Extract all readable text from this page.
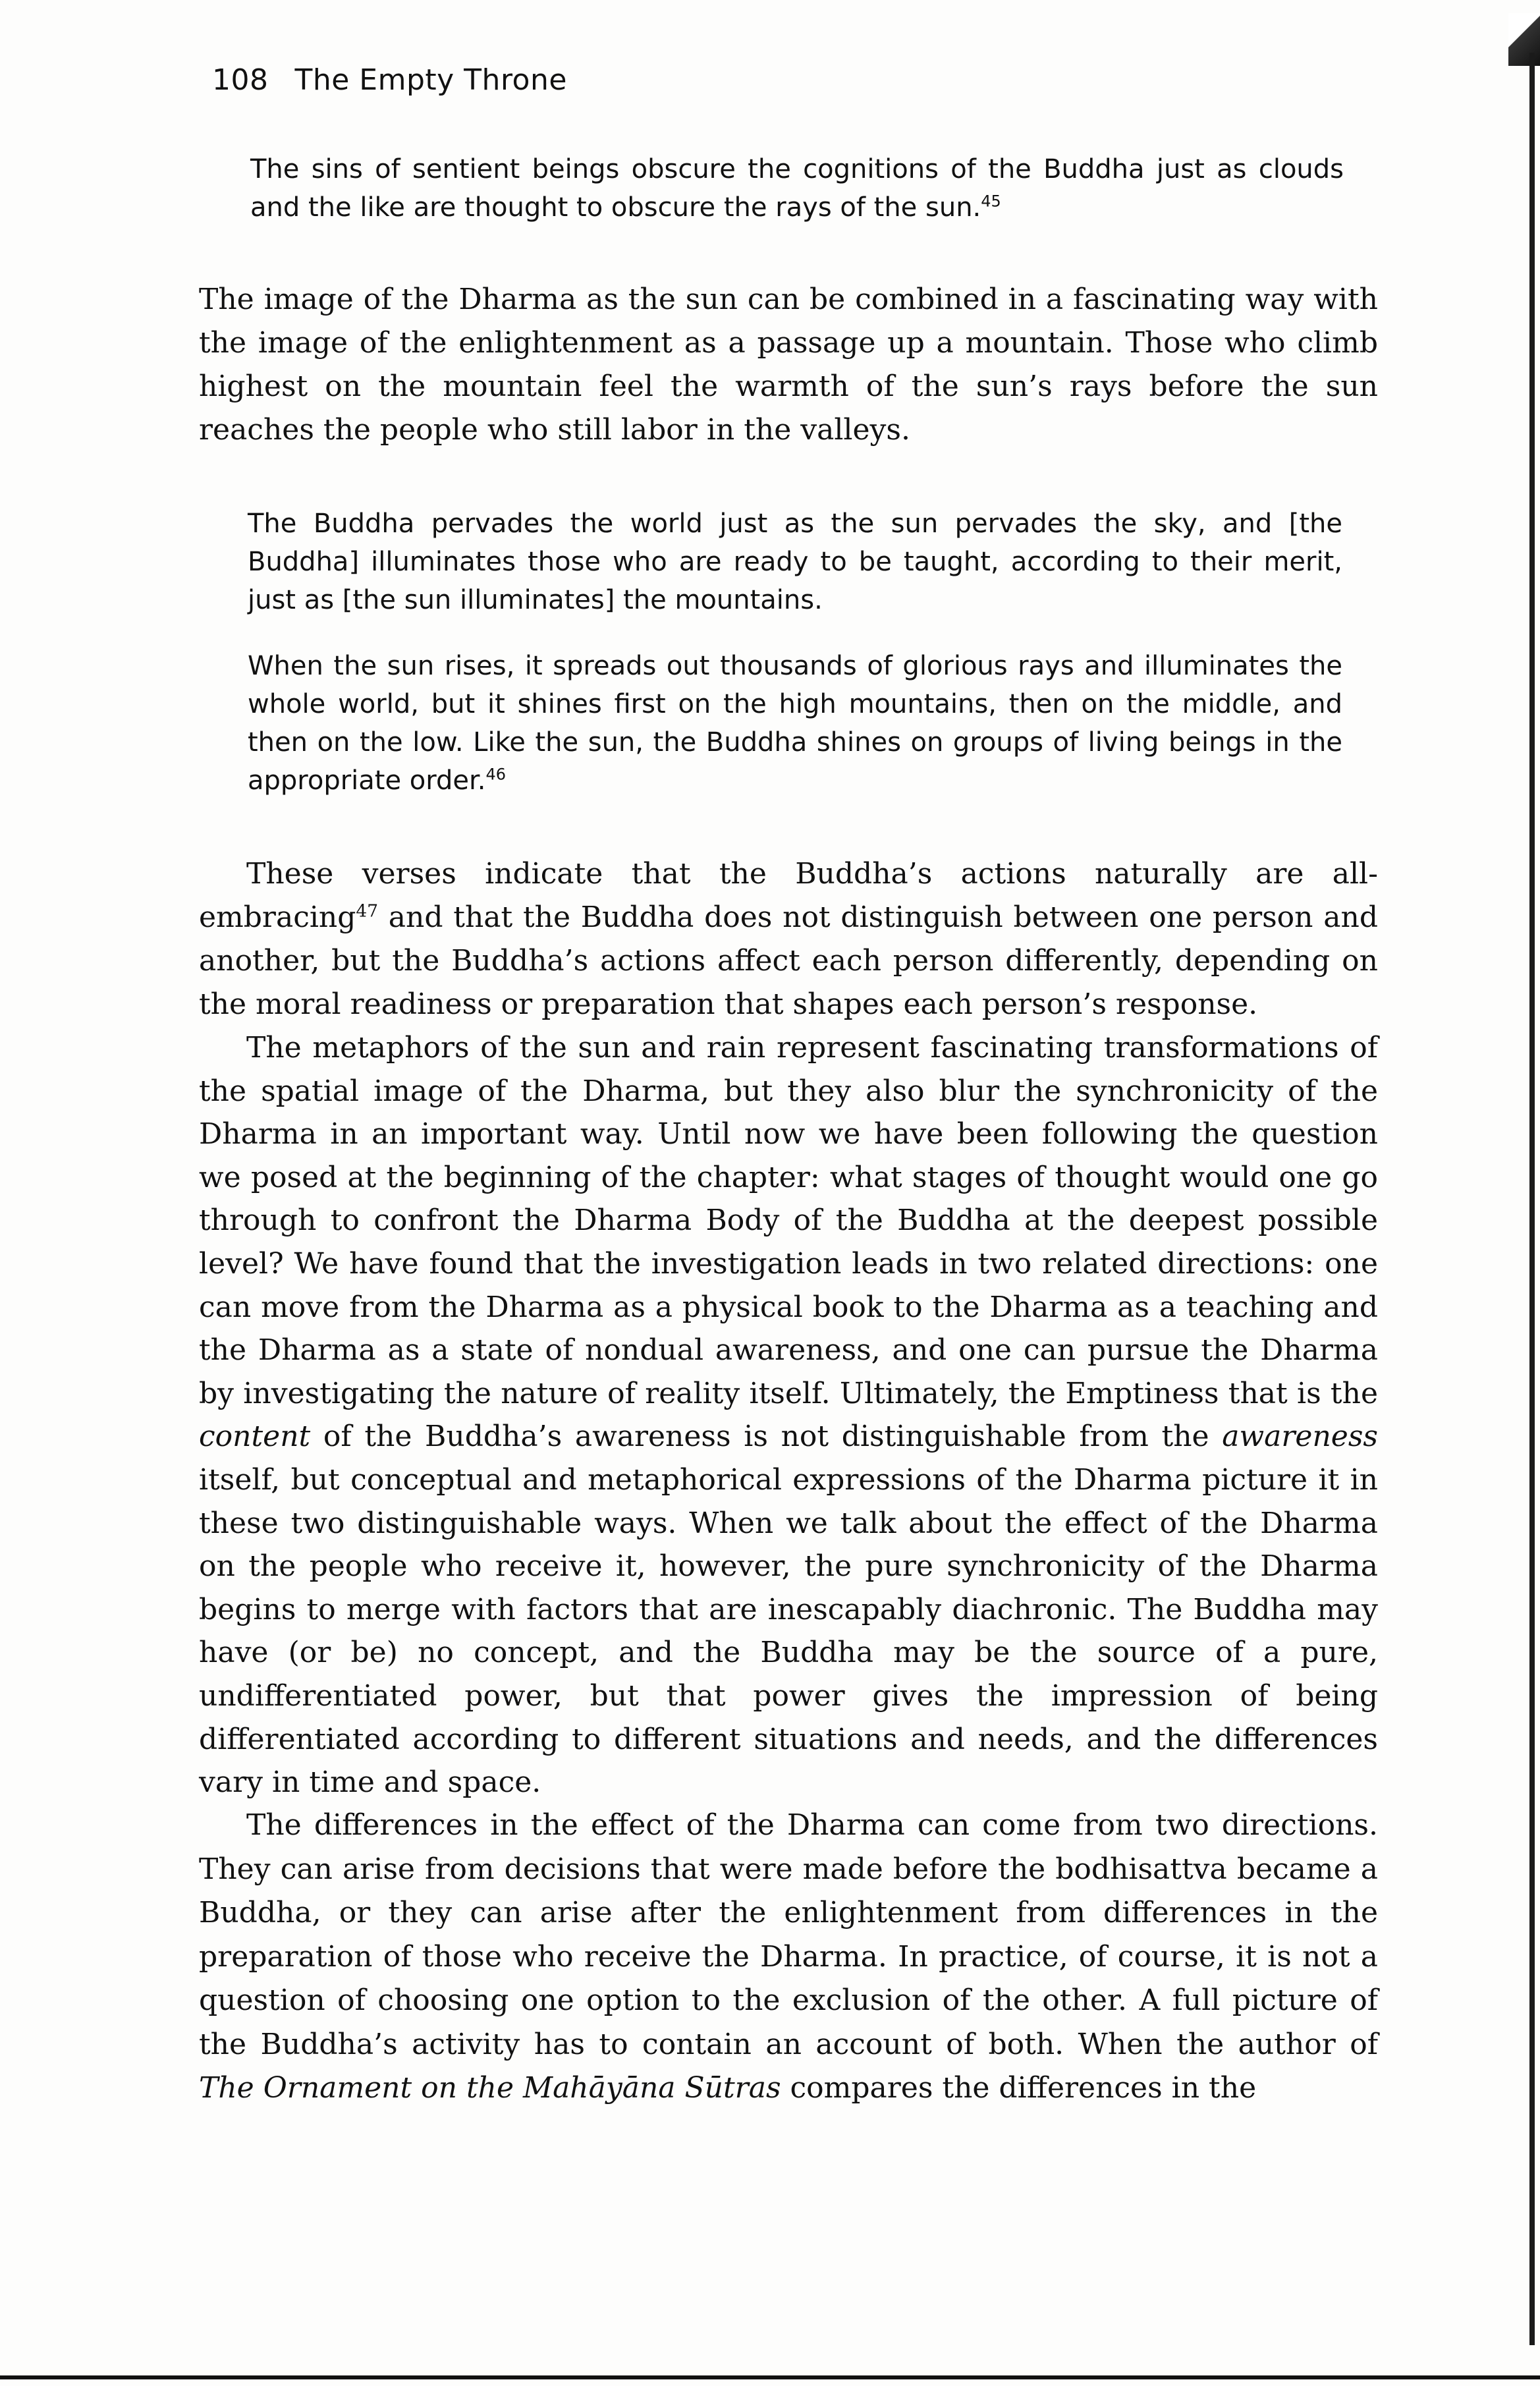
108 The Empty Throne

The sins of sentient beings obscure the cognitions of the Buddha just as clouds and the like are thought to obscure the rays of the sun.$^{45}$

The image of the Dharma as the sun can be combined in a fascinating way with the image of the enlightenment as a passage up a mountain. Those who climb highest on the mountain feel the warmth of the sun’s rays before the sun reaches the people who still labor in the valleys.

The Buddha pervades the world just as the sun pervades the sky, and [the Buddha] illuminates those who are ready to be taught, according to their merit, just as [the sun illuminates] the mountains.

When the sun rises, it spreads out thousands of glorious rays and illuminates the whole world, but it shines first on the high mountains, then on the middle, and then on the low. Like the sun, the Buddha shines on groups of living beings in the appropriate order.$^{46}$

These verses indicate that the Buddha’s actions naturally are all-embracing$^{47}$ and that the Buddha does not distinguish between one person and another, but the Buddha’s actions affect each person differently, depending on the moral readiness or preparation that shapes each person’s response.

The metaphors of the sun and rain represent fascinating transformations of the spatial image of the Dharma, but they also blur the synchronicity of the Dharma in an important way. Until now we have been following the question we posed at the beginning of the chapter: what stages of thought would one go through to confront the Dharma Body of the Buddha at the deepest possible level? We have found that the investigation leads in two related directions: one can move from the Dharma as a physical book to the Dharma as a teaching and the Dharma as a state of nondual awareness, and one can pursue the Dharma by investigating the nature of reality itself. Ultimately, the Emptiness that is the content of the Buddha’s awareness is not distinguishable from the awareness itself, but conceptual and metaphorical expressions of the Dharma picture it in these two distinguishable ways. When we talk about the effect of the Dharma on the people who receive it, however, the pure synchronicity of the Dharma begins to merge with factors that are inescapably diachronic. The Buddha may have (or be) no concept, and the Buddha may be the source of a pure, undifferentiated power, but that power gives the impression of being differentiated according to different situations and needs, and the differences vary in time and space.

The differences in the effect of the Dharma can come from two directions. They can arise from decisions that were made before the bodhisattva became a Buddha, or they can arise after the enlightenment from differences in the preparation of those who receive the Dharma. In practice, of course, it is not a question of choosing one option to the exclusion of the other. A full picture of the Buddha’s activity has to contain an account of both. When the author of The Ornament on the Mahāyāna Sūtras compares the differences in the
